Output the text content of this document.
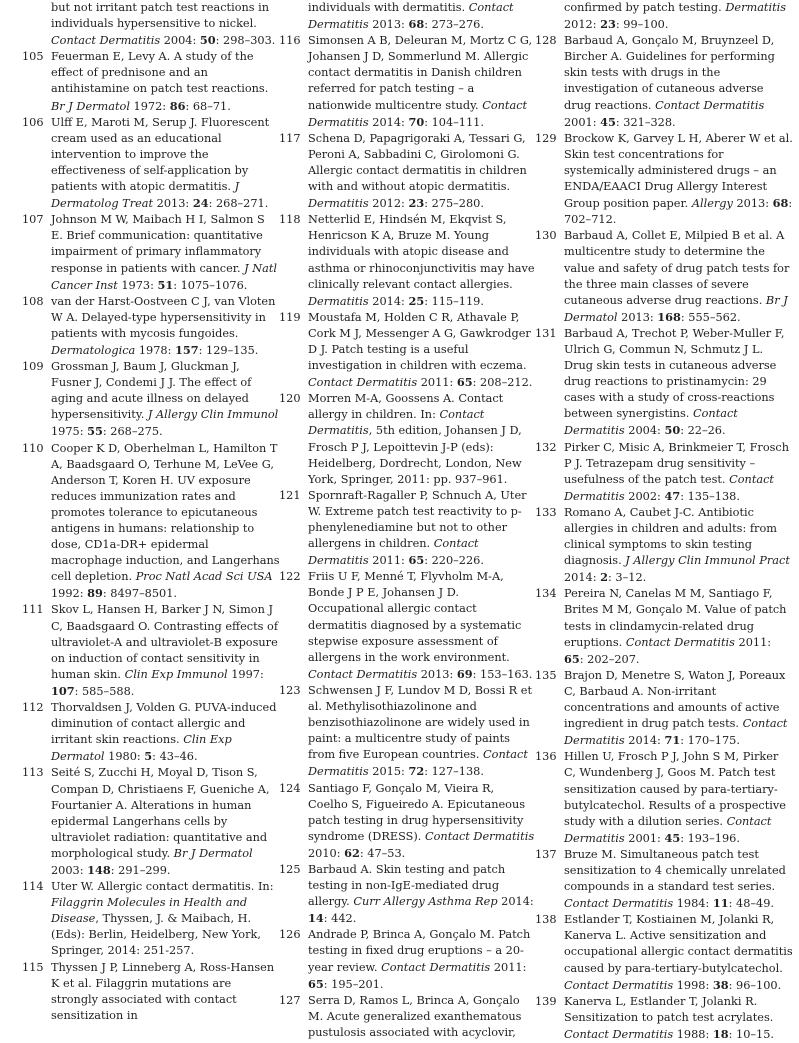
but not irritant patch test reactions in individuals hypersensitive to nickel. Contact Dermatitis 2004: 50: 298–303.

105 Feuerman E, Levy A. A study of the effect of prednisone and an antihistamine on patch test reactions. Br J Dermatol 1972: 86: 68–71.

106 Ulff E, Maroti M, Serup J. Fluorescent cream used as an educational intervention to improve the effectiveness of self-application by patients with atopic dermatitis. J Dermatolog Treat 2013: 24: 268–271.

107 Johnson M W, Maibach H I, Salmon S E. Brief communication: quantitative impairment of primary inflammatory response in patients with cancer. J Natl Cancer Inst 1973: 51: 1075–1076.

108 van der Harst-Oostveen C J, van Vloten W A. Delayed-type hypersensitivity in patients with mycosis fungoides. Dermatologica 1978: 157: 129–135.

109 Grossman J, Baum J, Gluckman J, Fusner J, Condemi J J. The effect of aging and acute illness on delayed hypersensitivity. J Allergy Clin Immunol 1975: 55: 268–275.

110 Cooper K D, Oberhelman L, Hamilton T A, Baadsgaard O, Terhune M, LeVee G, Anderson T, Koren H. UV exposure reduces immunization rates and promotes tolerance to epicutaneous antigens in humans: relationship to dose, CD1a-DR+ epidermal macrophage induction, and Langerhans cell depletion. Proc Natl Acad Sci USA 1992: 89: 8497–8501.

111 Skov L, Hansen H, Barker J N, Simon J C, Baadsgaard O. Contrasting effects of ultraviolet-A and ultraviolet-B exposure on induction of contact sensitivity in human skin. Clin Exp Immunol 1997: 107: 585–588.

112 Thorvaldsen J, Volden G. PUVA-induced diminution of contact allergic and irritant skin reactions. Clin Exp Dermatol 1980: 5: 43–46.

113 Seité S, Zucchi H, Moyal D, Tison S, Compan D, Christiaens F, Gueniche A, Fourtanier A. Alterations in human epidermal Langerhans cells by ultraviolet radiation: quantitative and morphological study. Br J Dermatol 2003: 148: 291–299.

114 Uter W. Allergic contact dermatitis. In: Filaggrin Molecules in Health and Disease, Thyssen, J. & Maibach, H. (Eds): Berlin, Heidelberg, New York, Springer, 2014: 251-257.

115 Thyssen J P, Linneberg A, Ross-Hansen K et al. Filaggrin mutations are strongly associated with contact sensitization in

individuals with dermatitis. Contact Dermatitis 2013: 68: 273–276.

116 Simonsen A B, Deleuran M, Mortz C G, Johansen J D, Sommerlund M. Allergic contact dermatitis in Danish children referred for patch testing – a nationwide multicentre study. Contact Dermatitis 2014: 70: 104–111.

117 Schena D, Papagrigoraki A, Tessari G, Peroni A, Sabbadini C, Girolomoni G. Allergic contact dermatitis in children with and without atopic dermatitis. Dermatitis 2012: 23: 275–280.

118 Netterlid E, Hindsén M, Ekqvist S, Henricson K A, Bruze M. Young individuals with atopic disease and asthma or rhinoconjunctivitis may have clinically relevant contact allergies. Dermatitis 2014: 25: 115–119.

119 Moustafa M, Holden C R, Athavale P, Cork M J, Messenger A G, Gawkrodger D J. Patch testing is a useful investigation in children with eczema. Contact Dermatitis 2011: 65: 208–212.

120 Morren M-A, Goossens A. Contact allergy in children. In: Contact Dermatitis, 5th edition, Johansen J D, Frosch P J, Lepoittevin J-P (eds): Heidelberg, Dordrecht, London, New York, Springer, 2011: pp. 937–961.

121 Spornraft-Ragaller P, Schnuch A, Uter W. Extreme patch test reactivity to p-phenylenediamine but not to other allergens in children. Contact Dermatitis 2011: 65: 220–226.

122 Friis U F, Menné T, Flyvholm M-A, Bonde J P E, Johansen J D. Occupational allergic contact dermatitis diagnosed by a systematic stepwise exposure assessment of allergens in the work environment. Contact Dermatitis 2013: 69: 153–163.

123 Schwensen J F, Lundov M D, Bossi R et al. Methylisothiazolinone and benzisothiazolinone are widely used in paint: a multicentre study of paints from five European countries. Contact Dermatitis 2015: 72: 127–138.

124 Santiago F, Gonçalo M, Vieira R, Coelho S, Figueiredo A. Epicutaneous patch testing in drug hypersensitivity syndrome (DRESS). Contact Dermatitis 2010: 62: 47–53.

125 Barbaud A. Skin testing and patch testing in non-IgE-mediated drug allergy. Curr Allergy Asthma Rep 2014: 14: 442.

126 Andrade P, Brinca A, Gonçalo M. Patch testing in fixed drug eruptions – a 20-year review. Contact Dermatitis 2011: 65: 195–201.

127 Serra D, Ramos L, Brinca A, Gonçalo M. Acute generalized exanthematous pustulosis associated with acyclovir,

confirmed by patch testing. Dermatitis 2012: 23: 99–100.

128 Barbaud A, Gonçalo M, Bruynzeel D, Bircher A. Guidelines for performing skin tests with drugs in the investigation of cutaneous adverse drug reactions. Contact Dermatitis 2001: 45: 321–328.

129 Brockow K, Garvey L H, Aberer W et al. Skin test concentrations for systemically administered drugs – an ENDA/EAACI Drug Allergy Interest Group position paper. Allergy 2013: 68: 702–712.

130 Barbaud A, Collet E, Milpied B et al. A multicentre study to determine the value and safety of drug patch tests for the three main classes of severe cutaneous adverse drug reactions. Br J Dermatol 2013: 168: 555–562.

131 Barbaud A, Trechot P, Weber-Muller F, Ulrich G, Commun N, Schmutz J L. Drug skin tests in cutaneous adverse drug reactions to pristinamycin: 29 cases with a study of cross-reactions between synergistins. Contact Dermatitis 2004: 50: 22–26.

132 Pirker C, Misic A, Brinkmeier T, Frosch P J. Tetrazepam drug sensitivity – usefulness of the patch test. Contact Dermatitis 2002: 47: 135–138.

133 Romano A, Caubet J-C. Antibiotic allergies in children and adults: from clinical symptoms to skin testing diagnosis. J Allergy Clin Immunol Pract 2014: 2: 3–12.

134 Pereira N, Canelas M M, Santiago F, Brites M M, Gonçalo M. Value of patch tests in clindamycin-related drug eruptions. Contact Dermatitis 2011: 65: 202–207.

135 Brajon D, Menetre S, Waton J, Poreaux C, Barbaud A. Non-irritant concentrations and amounts of active ingredient in drug patch tests. Contact Dermatitis 2014: 71: 170–175.

136 Hillen U, Frosch P J, John S M, Pirker C, Wundenberg J, Goos M. Patch test sensitization caused by para-tertiary-butylcatechol. Results of a prospective study with a dilution series. Contact Dermatitis 2001: 45: 193–196.

137 Bruze M. Simultaneous patch test sensitization to 4 chemically unrelated compounds in a standard test series. Contact Dermatitis 1984: 11: 48–49.

138 Estlander T, Kostiainen M, Jolanki R, Kanerva L. Active sensitization and occupational allergic contact dermatitis caused by para-tertiary-butylcatechol. Contact Dermatitis 1998: 38: 96–100.

139 Kanerva L, Estlander T, Jolanki R. Sensitization to patch test acrylates. Contact Dermatitis 1988: 18: 10–15.
